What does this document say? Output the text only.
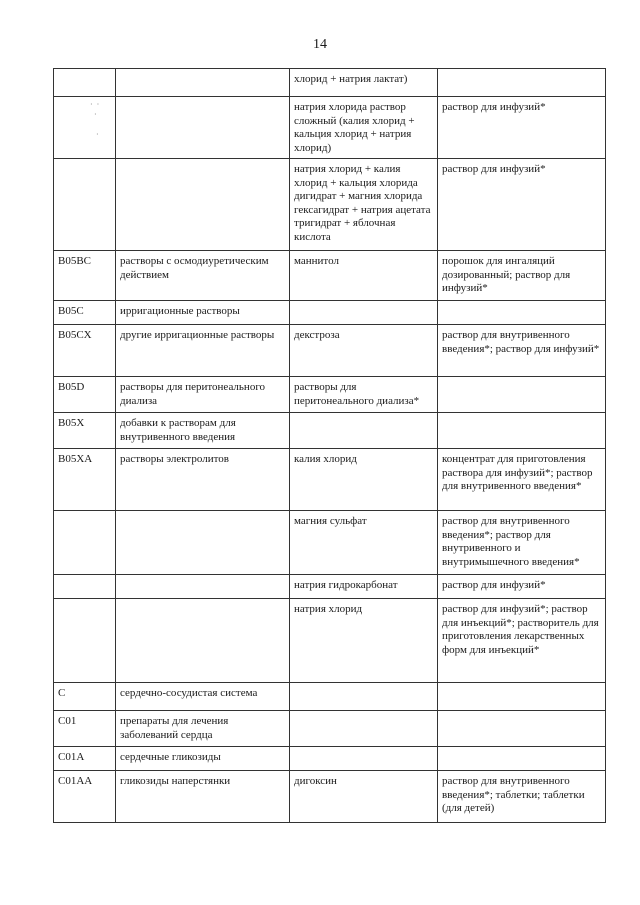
14
·  ·
·

·
		хлорид + натрия лактат)	
		натрия хлорида раствор сложный (калия хлорид + кальция хлорид + натрия хлорид)	раствор для инфузий*
		натрия хлорид + калия хлорид + кальция хлорида дигидрат + магния хлорида гексагидрат + натрия ацетата тригидрат + яблочная кислота	раствор для инфузий*
B05BC	растворы с осмодиуретическим действием	маннитол	порошок для ингаляций дозированный; раствор для инфузий*
B05C	ирригационные растворы		
B05CX	другие ирригационные растворы	декстроза	раствор для внутривенного введения*; раствор для инфузий*
B05D	растворы для перитонеального диализа	растворы для перитонеального диализа*	
B05X	добавки к растворам для внутривенного введения		
B05XA	растворы электролитов	калия хлорид	концентрат для приготовления раствора для инфузий*; раствор для внутривенного введения*
		магния сульфат	раствор для внутривенного введения*; раствор для внутривенного и внутримышечного введения*
		натрия гидрокарбонат	раствор для инфузий*
		натрия хлорид	раствор для инфузий*; раствор для инъекций*; растворитель для приготовления лекарственных форм для инъекций*
C	сердечно-сосудистая система		
C01	препараты для лечения заболеваний сердца		
C01A	сердечные гликозиды		
C01AA	гликозиды наперстянки	дигоксин	раствор для внутривенного введения*; таблетки; таблетки (для детей)
